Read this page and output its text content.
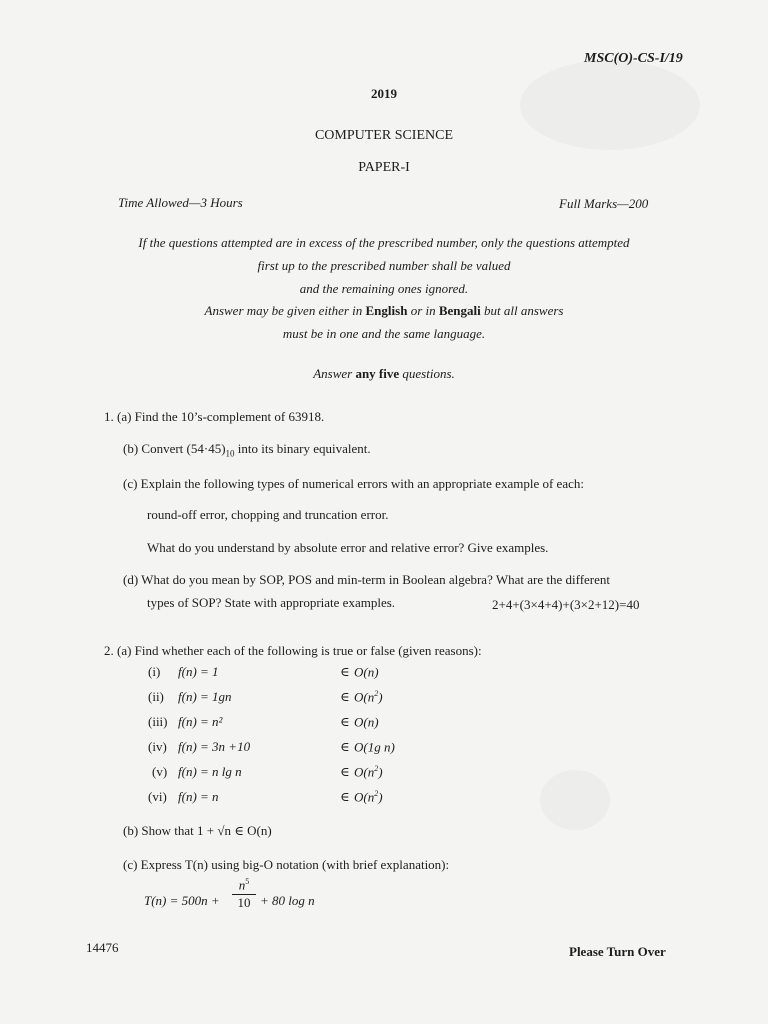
MSC(O)-CS-I/19
2019
COMPUTER SCIENCE
PAPER-I
Time Allowed—3 Hours	Full Marks—200
If the questions attempted are in excess of the prescribed number, only the questions attempted
first up to the prescribed number shall be valued
and the remaining ones ignored.
Answer may be given either in English or in Bengali but all answers
must be in one and the same language.
Answer any five questions.
1. (a) Find the 10’s-complement of 63918.
(b) Convert $(54\cdot 45)_{10}$ into its binary equivalent.
(c) Explain the following types of numerical errors with an appropriate example of each:
round-off error, chopping and truncation error.
What do you understand by absolute error and relative error? Give examples.
(d) What do you mean by SOP, POS and min-term in Boolean algebra? What are the different
types of SOP? State with appropriate examples.	2+4+(3×4+4)+(3×2+12)=40
2. (a) Find whether each of the following is true or false (given reasons):
(i) f(n) = 1	∈ O(n)
(ii) f(n) = 1gn	∈ $O(n^2)$
(iii) f(n) = n²	∈ O(n)
(iv) f(n) = 3n +10	∈ O(1g n)
(v) f(n) = n lg n	∈ $O(n^2)$
(vi) f(n) = n	∈ $O(n^2)$
(b) Show that 1 + √n ∈ O(n)
(c) Express T(n) using big-O notation (with brief explanation):
T(n) = 500n +
$n^5$
10 + 80 log n
14476	Please Turn Over
